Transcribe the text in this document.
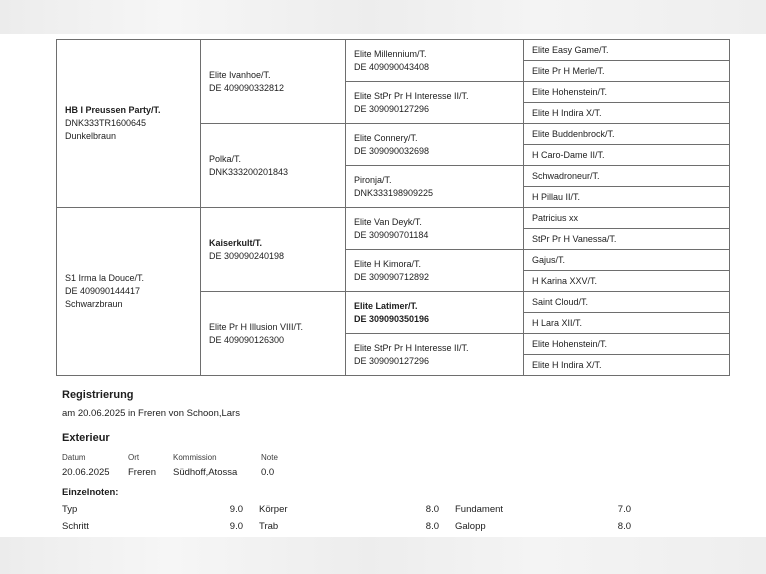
HB I Preussen Party/T.
DNK333TR1600645
Dunkelbraun

Elite Ivanhoe/T.
DE 409090332812

Elite Millennium/T.
DE 409090043408
	Elite Easy Game/T.
			Elite Pr H Merle/T.

		Elite StPr Pr H Interesse II/T.
DE 309090127296	Elite Hohenstein/T.
			Elite H Indira X/T.

Polka/T.
DNK333200201843

Elite Connery/T.
DE 309090032698
	Elite Buddenbrock/T.
			H Caro-Dame II/T.

		Pironja/T.
DNK333198909225	Schwadroneur/T.
			H Pillau II/T.

S1 Irma la Douce/T.
DE 409090144417
Schwarzbraun

Kaiserkult/T.
DE 309090240198

Elite Van Deyk/T.
DE 309090701184
	Patricius xx
			StPr Pr H Vanessa/T.

		Elite H Kimora/T.
DE 309090712892	Gajus/T.
			H Karina XXV/T.

Elite Pr H Illusion VIII/T.
DE 409090126300

Elite Latimer/T.
DE 309090350196
	Saint Cloud/T.
			H Lara XII/T.

		Elite StPr Pr H Interesse II/T.
DE 309090127296	Elite Hohenstein/T.
			Elite H Indira X/T.
Registrierung
am 20.06.2025 in Freren von Schoon,Lars
Exterieur
Datum	Ort	Kommission	Note
20.06.2025	Freren	Südhoff,Atossa	0.0
Einzelnoten:
Typ	9.0 Körper	8.0 Fundament	7.0
Schritt	9.0 Trab	8.0 Galopp	8.0
